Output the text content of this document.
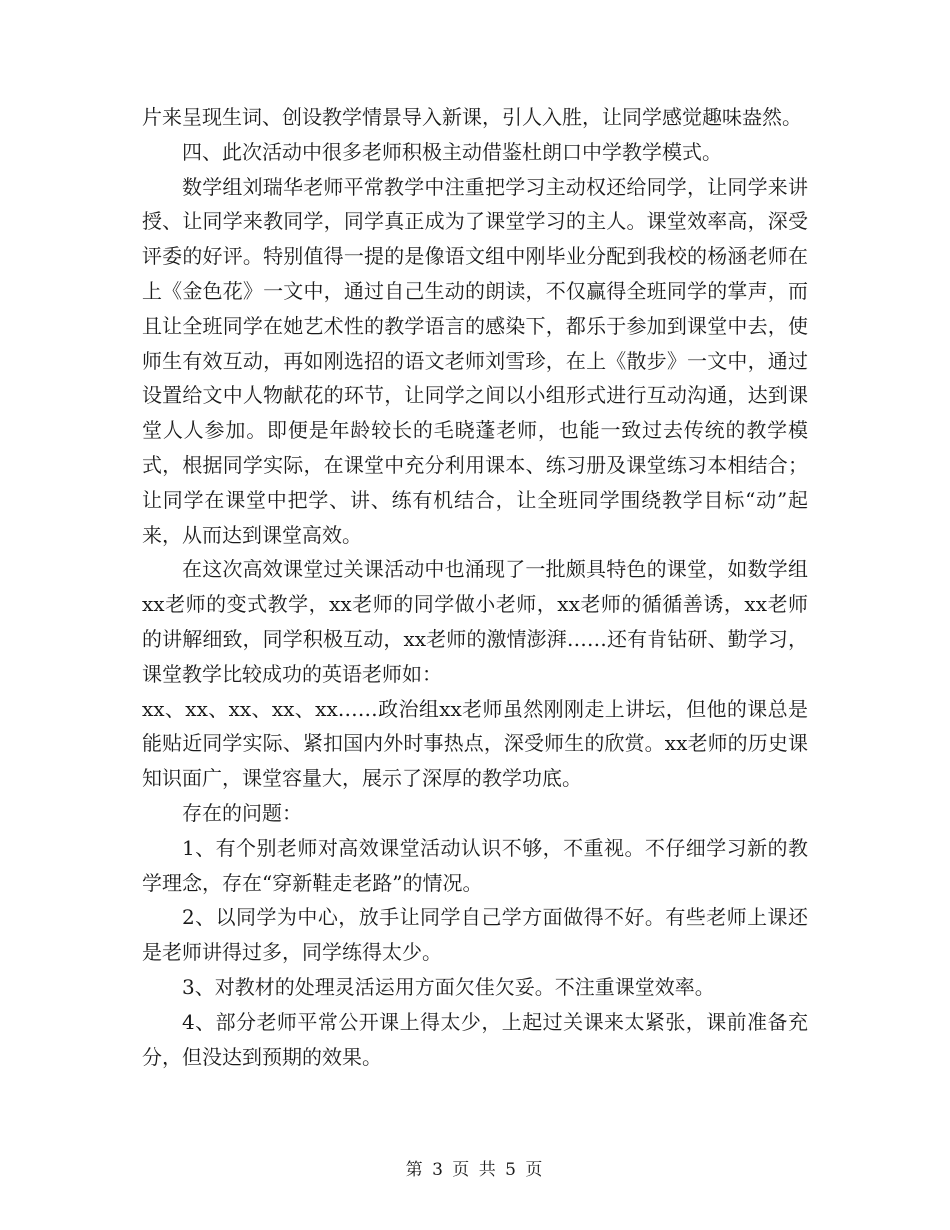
片来呈现生词、创设教学情景导入新课，引人入胜，让同学感觉趣味盎然。

四、此次活动中很多老师积极主动借鉴杜朗口中学教学模式。

数学组刘瑞华老师平常教学中注重把学习主动权还给同学，让同学来讲授、让同学来教同学，同学真正成为了课堂学习的主人。课堂效率高，深受评委的好评。特别值得一提的是像语文组中刚毕业分配到我校的杨涵老师在上《金色花》一文中，通过自己生动的朗读，不仅赢得全班同学的掌声，而且让全班同学在她艺术性的教学语言的感染下，都乐于参加到课堂中去，使师生有效互动，再如刚选招的语文老师刘雪珍，在上《散步》一文中，通过设置给文中人物献花的环节，让同学之间以小组形式进行互动沟通，达到课堂人人参加。即便是年龄较长的毛晓蓬老师，也能一致过去传统的教学模式，根据同学实际，在课堂中充分利用课本、练习册及课堂练习本相结合；让同学在课堂中把学、讲、练有机结合，让全班同学围绕教学目标“动”起来，从而达到课堂高效。

在这次高效课堂过关课活动中也涌现了一批颇具特色的课堂，如数学组xx老师的变式教学，xx老师的同学做小老师，xx老师的循循善诱，xx老师的讲解细致，同学积极互动，xx老师的激情澎湃……还有肯钻研、勤学习，课堂教学比较成功的英语老师如：

xx、xx、xx、xx、xx……政治组xx老师虽然刚刚走上讲坛，但他的课总是能贴近同学实际、紧扣国内外时事热点，深受师生的欣赏。xx老师的历史课知识面广，课堂容量大，展示了深厚的教学功底。

存在的问题：

1、有个别老师对高效课堂活动认识不够，不重视。不仔细学习新的教学理念，存在“穿新鞋走老路”的情况。

2、以同学为中心，放手让同学自己学方面做得不好。有些老师上课还是老师讲得过多，同学练得太少。

3、对教材的处理灵活运用方面欠佳欠妥。不注重课堂效率。

4、部分老师平常公开课上得太少，上起过关课来太紧张，课前准备充分，但没达到预期的效果。

第 3 页 共 5 页
